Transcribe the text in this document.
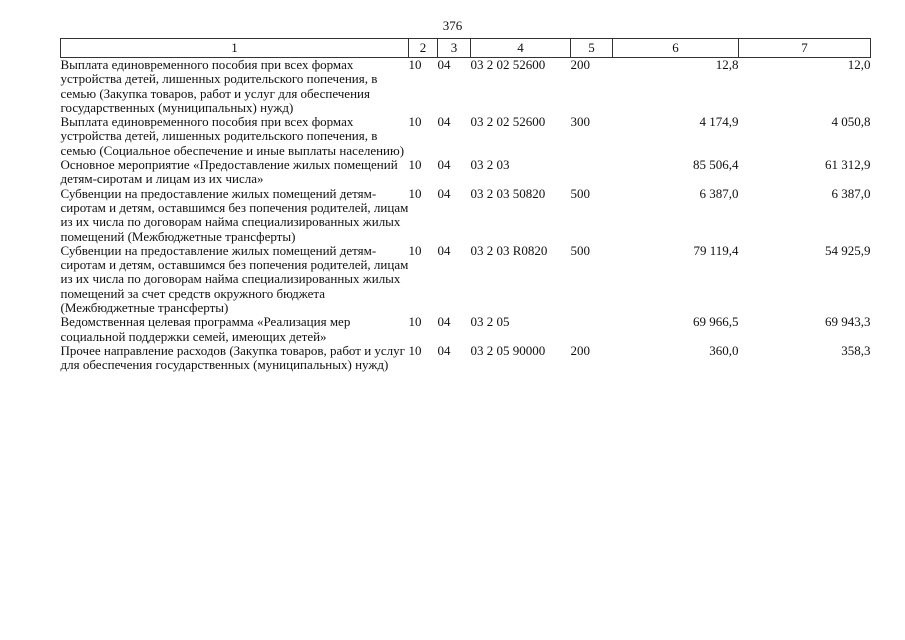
376
1	2	3	4	5	6	7
Выплата единовременного пособия при всех формах устройства детей, лишенных родительского попечения, в семью (Закупка товаров, работ и услуг для обеспечения государственных (муниципальных) нужд)	10	04	03 2 02 52600	200	12,8	12,0
Выплата единовременного пособия при всех формах устройства детей, лишенных родительского попечения, в семью (Социальное обеспечение и иные выплаты населению)	10	04	03 2 02 52600	300	4 174,9	4 050,8
Основное мероприятие «Предоставление жилых помещений детям-сиротам и лицам из их числа»	10	04	03 2 03		85 506,4	61 312,9
Субвенции на предоставление жилых помещений детям-сиротам и детям, оставшимся без попечения родителей, лицам из их числа по договорам найма специализированных жилых помещений (Межбюджетные трансферты)	10	04	03 2 03 50820	500	6 387,0	6 387,0
Субвенции на предоставление жилых помещений детям-сиротам и детям, оставшимся без попечения родителей, лицам из их числа по договорам найма специализированных жилых помещений за счет средств окружного бюджета (Межбюджетные трансферты)	10	04	03 2 03 R0820	500	79 119,4	54 925,9
Ведомственная целевая программа «Реализация мер социальной поддержки семей, имеющих детей»	10	04	03 2 05		69 966,5	69 943,3
Прочее направление расходов (Закупка товаров, работ и услуг для обеспечения государственных (муниципальных) нужд)	10	04	03 2 05 90000	200	360,0	358,3
